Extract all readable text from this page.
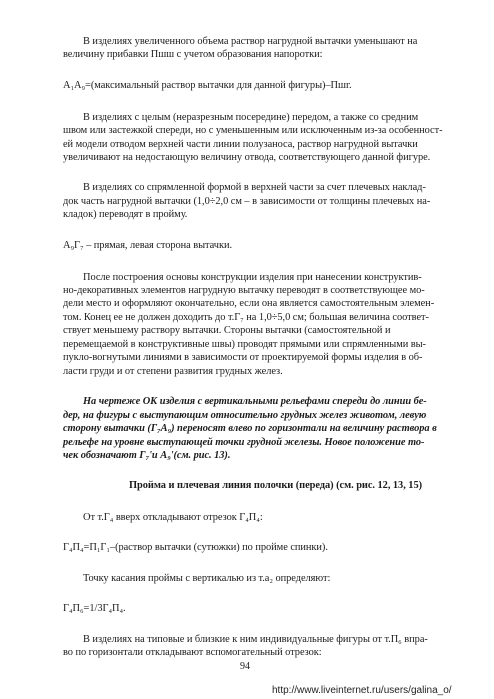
В изделиях увеличенного объема раствор нагрудной вытачки уменьшают на
величину прибавки Пшш с учетом образования напоротки:
А₁А₉=(максимальный раствор вытачки для данной фигуры)–Пшг.
В изделиях с целым (неразрезным посередине) передом, а также со средним
швом или застежкой спереди, но с уменьшенным или исключенным из-за особенност-
ей модели отводом верхней части линии полузаноса, раствор нагрудной вытачки
увеличивают на недостающую величину отвода, соответствующего данной фигуре.
В изделиях со спрямленной формой в верхней части за счет плечевых наклад-
док часть нагрудной вытачки (1,0÷2,0 см – в зависимости от толщины плечевых на-
кладок) переводят в пройму.
А₉Г₇ – прямая, левая сторона вытачки.
После построения основы конструкции изделия при нанесении конструктив-
но-декоративных элементов нагрудную вытачку переводят в соответствующее мо-
дели место и оформляют окончательно, если она является самостоятельным элемен-
том. Конец ее не должен доходить до т.Г₇ на 1,0÷5,0 см; большая величина соответ-
ствует меньшему раствору вытачки. Стороны вытачки (самостоятельной и
перемещаемой в конструктивные швы) проводят прямыми или спрямленными вы-
пукло-вогнутыми линиями в зависимости от проектируемой формы изделия в об-
ласти груди и от степени развития грудных желез.
На чертеже ОК изделия с вертикальными рельефами спереди до линии бе-
дер, на фигуры с выступающим относительно грудных желез животом, левую
сторону вытачки (Г₇А₉) переносят влево по горизонтали на величину раствора в
рельефе на уровне выступающей точки грудной железы. Новое положение то-
чек обозначают Г₇'и А₉'(см. рис. 13).
Пройма и плечевая линия полочки (переда) (см. рис. 12, 13, 15)
От т.Г₄ вверх откладывают отрезок Г₄П₄:
Г₄П₄=П₁Г₁–(раствор вытачки (сутюжки) по пройме спинки).
Точку касания проймы с вертикалью из т.а₂ определяют:
Г₄П₆=1/3Г₄П₄.
В изделиях на типовые и близкие к ним индивидуальные фигуры от т.П₆ впра-
во по горизонтали откладывают вспомогательный отрезок:
94
http://www.liveinternet.ru/users/galina_o/
